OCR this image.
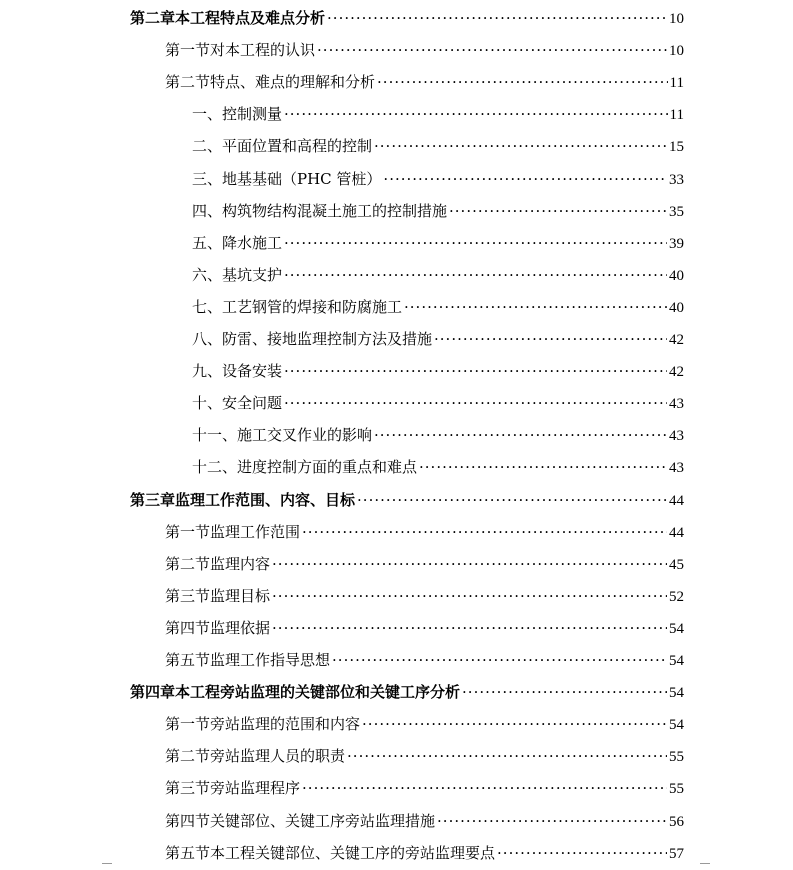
第二章 本工程特点及难点分析 ·····	10
第一节 对本工程的认识 ·····	10
第二节 特点、难点的理解和分析 ·····	11
一、控制测量 ·····	11
二、平面位置和高程的控制 ·····	15
三、地基基础（PHC 管桩） ·····	33
四、构筑物结构混凝土施工的控制措施 ·····	35
五、降水施工 ·····	39
六、基坑支护 ·····	40
七、工艺钢管的焊接和防腐施工 ·····	40
八、防雷、接地监理控制方法及措施 ·····	42
九、设备安装 ·····	42
十、安全问题 ·····	43
十一、施工交叉作业的影响 ·····	43
十二、进度控制方面的重点和难点 ·····	43
第三章 监理工作范围、内容、目标 ·····	44
第一节 监理工作范围 ·····	44
第二节 监理内容 ·····	45
第三节 监理目标 ·····	52
第四节 监理依据 ·····	54
第五节 监理工作指导思想 ·····	54
第四章 本工程旁站监理的关键部位和关键工序分析 ·····	54
第一节 旁站监理的范围和内容 ·····	54
第二节 旁站监理人员的职责 ·····	55
第三节 旁站监理程序 ·····	55
第四节 关键部位、关键工序旁站监理措施 ·····	56
第五节 本工程关键部位、关键工序的旁站监理要点 ·····	57
